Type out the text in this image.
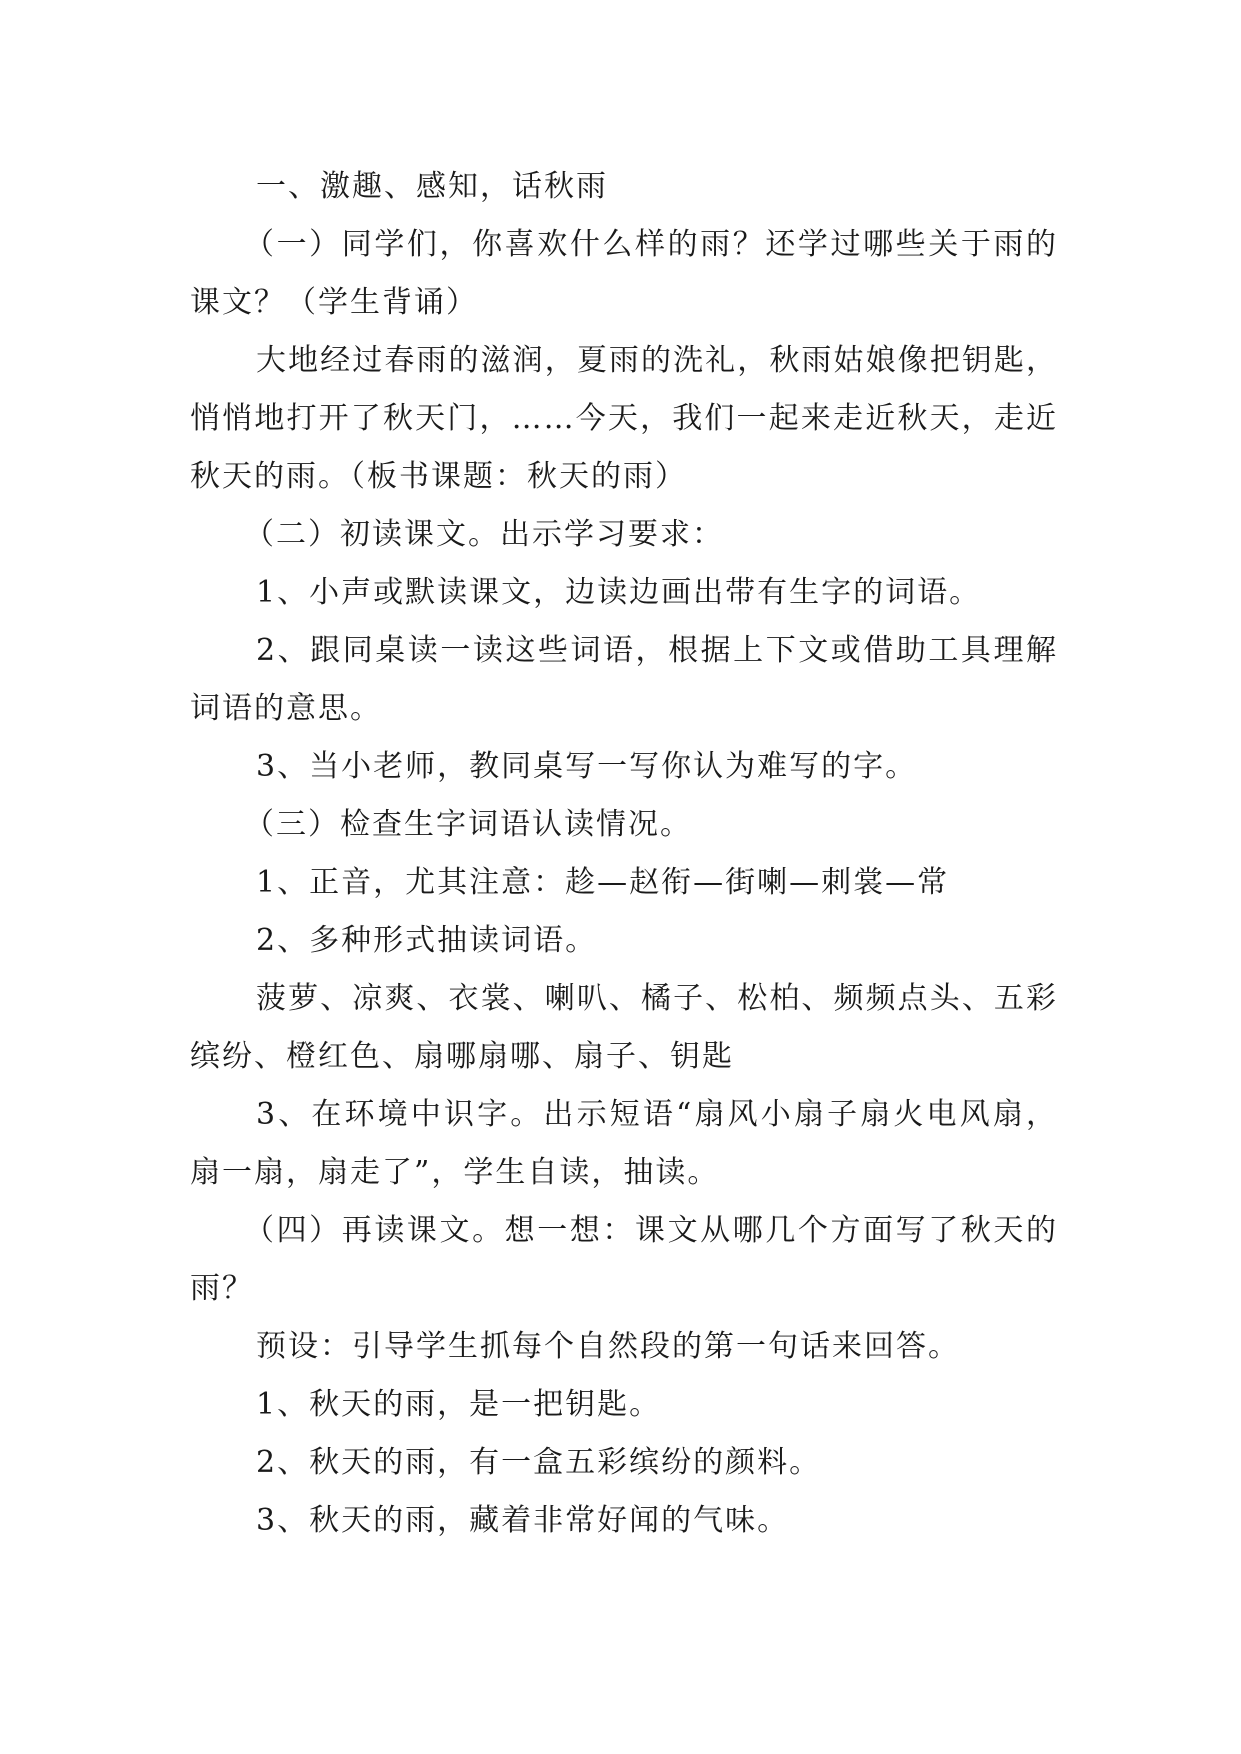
一、激趣、感知，话秋雨

（一）同学们，你喜欢什么样的雨？还学过哪些关于雨的课文？（学生背诵）

大地经过春雨的滋润，夏雨的洗礼，秋雨姑娘像把钥匙，悄悄地打开了秋天门，……今天，我们一起来走近秋天，走近秋天的雨。（板书课题：秋天的雨）

（二）初读课文。出示学习要求：

1、小声或默读课文，边读边画出带有生字的词语。

2、跟同桌读一读这些词语，根据上下文或借助工具理解词语的意思。

3、当小老师，教同桌写一写你认为难写的字。

（三）检查生字词语认读情况。

1、正音，尤其注意：趁—赵衔—街喇—刺裳—常

2、多种形式抽读词语。

菠萝、凉爽、衣裳、喇叭、橘子、松柏、频频点头、五彩缤纷、橙红色、扇哪扇哪、扇子、钥匙

3、在环境中识字。出示短语“扇风小扇子扇火电风扇，扇一扇，扇走了”，学生自读，抽读。

（四）再读课文。想一想：课文从哪几个方面写了秋天的雨？

预设：引导学生抓每个自然段的第一句话来回答。

1、秋天的雨，是一把钥匙。

2、秋天的雨，有一盒五彩缤纷的颜料。

3、秋天的雨，藏着非常好闻的气味。
